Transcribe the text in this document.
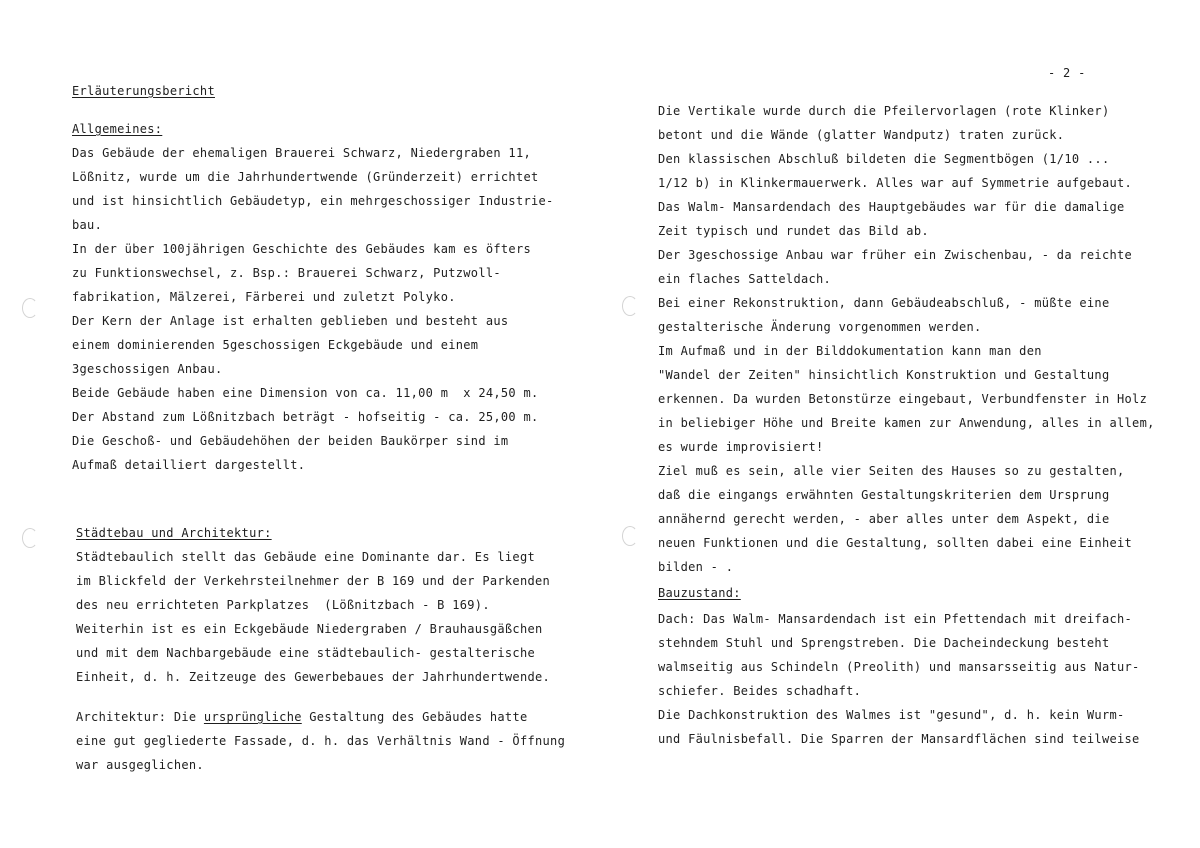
Erläuterungsbericht
Allgemeines:
Das Gebäude der ehemaligen Brauerei Schwarz, Niedergraben 11,
Lößnitz, wurde um die Jahrhundertwende (Gründerzeit) errichtet
und ist hinsichtlich Gebäudetyp, ein mehrgeschossiger Industrie-
bau.
In der über 100jährigen Geschichte des Gebäudes kam es öfters
zu Funktionswechsel, z. Bsp.: Brauerei Schwarz, Putzwoll-
fabrikation, Mälzerei, Färberei und zuletzt Polyko.
Der Kern der Anlage ist erhalten geblieben und besteht aus
einem dominierenden 5geschossigen Eckgebäude und einem
3geschossigen Anbau.
Beide Gebäude haben eine Dimension von ca. 11,00 m  x 24,50 m.
Der Abstand zum Lößnitzbach beträgt - hofseitig - ca. 25,00 m.
Die Geschoß- und Gebäudehöhen der beiden Baukörper sind im
Aufmaß detailliert dargestellt.
Städtebau und Architektur:
Städtebaulich stellt das Gebäude eine Dominante dar. Es liegt
im Blickfeld der Verkehrsteilnehmer der B 169 und der Parkenden
des neu errichteten Parkplatzes  (Lößnitzbach - B 169).
Weiterhin ist es ein Eckgebäude Niedergraben / Brauhausgäßchen
und mit dem Nachbargebäude eine städtebaulich- gestalterische
Einheit, d. h. Zeitzeuge des Gewerbebaues der Jahrhundertwende.
Architektur: Die ursprüngliche Gestaltung des Gebäudes hatte
eine gut gegliederte Fassade, d. h. das Verhältnis Wand - Öffnung
war ausgeglichen.
- 2 -
Die Vertikale wurde durch die Pfeilervorlagen (rote Klinker)
betont und die Wände (glatter Wandputz) traten zurück.
Den klassischen Abschluß bildeten die Segmentbögen (1/10 ...
1/12 b) in Klinkermauerwerk. Alles war auf Symmetrie aufgebaut.
Das Walm- Mansardendach des Hauptgebäudes war für die damalige
Zeit typisch und rundet das Bild ab.
Der 3geschossige Anbau war früher ein Zwischenbau, - da reichte
ein flaches Satteldach.
Bei einer Rekonstruktion, dann Gebäudeabschluß, - müßte eine
gestalterische Änderung vorgenommen werden.
Im Aufmaß und in der Bilddokumentation kann man den
"Wandel der Zeiten" hinsichtlich Konstruktion und Gestaltung
erkennen. Da wurden Betonstürze eingebaut, Verbundfenster in Holz
in beliebiger Höhe und Breite kamen zur Anwendung, alles in allem,
es wurde improvisiert!
Ziel muß es sein, alle vier Seiten des Hauses so zu gestalten,
daß die eingangs erwähnten Gestaltungskriterien dem Ursprung
annähernd gerecht werden, - aber alles unter dem Aspekt, die
neuen Funktionen und die Gestaltung, sollten dabei eine Einheit
bilden - .
Bauzustand:
Dach: Das Walm- Mansardendach ist ein Pfettendach mit dreifach-
stehndem Stuhl und Sprengstreben. Die Dacheindeckung besteht
walmseitig aus Schindeln (Preolith) und mansarsseitig aus Natur-
schiefer. Beides schadhaft.
Die Dachkonstruktion des Walmes ist "gesund", d. h. kein Wurm-
und Fäulnisbefall. Die Sparren der Mansardflächen sind teilweise
